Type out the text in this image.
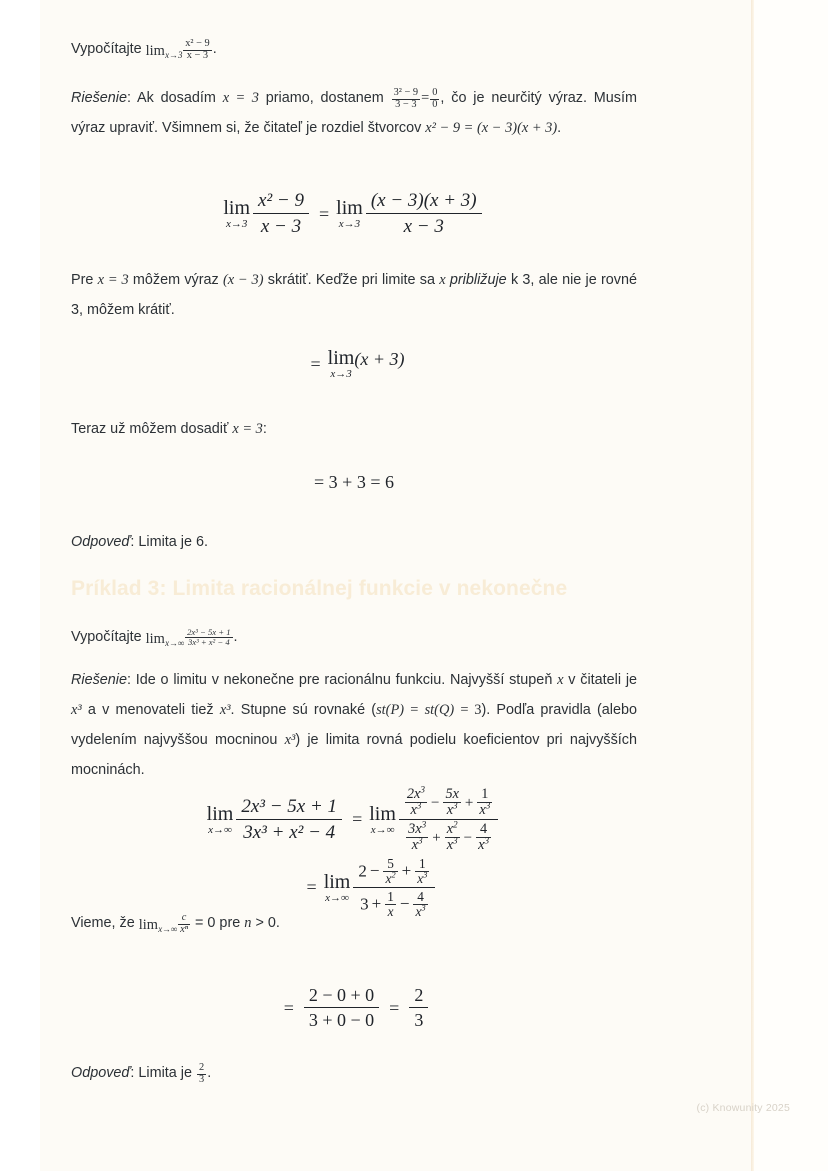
Vypočítajte $\lim x\to 3 \frac{\text{x² − 9}}{x - 3}$ .

Riešenie: Ak dosadím x = 3 priamo, dostanem $\frac{\text{3² − 9}}{3 - 3} = \frac{0}{0}$ , čo je neurčitý výraz. Musím výraz upraviť. Všimnem si, že čitateľ je rozdiel štvorcov x² − 9 = (x − 3)(x + 3).

lim
$x\to 3 \frac{\text{x² − 9}}{x - 3} = \lim$
$x\to 3 \frac{(x - 3)(x + 3)}{x - 3}$

Pre x = 3 môžem výraz (x − 3) skrátiť. Keďže pri limite sa x približuje k 3, ale nie je rovné 3, môžem krátiť.

= lim
x→3
(x + 3)

Teraz už môžem dosadiť x = 3:

= 3 + 3 = 6

Odpoveď: Limita je 6.

Príklad 3: Limita racionálnej funkcie v nekonečne

Vypočítajte $\lim x\to\infty \frac{\text{2x³ − 5x + 1}}{\text{3x³ + x² − 4}}$ .

Riešenie: Ide o limitu v nekonečne pre racionálnu funkciu. Najvyšší stupeň x v čitateli je x³ a v menovateli tiež x³. Stupne sú rovnaké (st(P) = st(Q) = 3). Podľa pravidla (alebo vydelením najvyššou mocninou x³) je limita rovná podielu koeficientov pri najvyšších mocninách.

lim
$x\to\infty \frac{\text{2x³ − 5x + 1}}{\text{3x³ + x² − 4}} = \lim$
$x\to\infty \frac{\frac{2x^3}{x^3} - \frac{5x}{x^3} + \frac{1}{x^3}}{\frac{3x^3}{x^3} + \frac{x^2}{x^3} - \frac{4}{x^3}}$
= lim
$x\to\infty \frac{2 - \frac{5}{x^2} + \frac{1}{x^3}}{3 + \frac{1}{x} - \frac{4}{x^3}}$

Vieme, že $\lim x\to\infty \frac{c}{\text{xⁿ}} = 0$ pre n > 0.

= $\frac{2 - 0 + 0}{3 + 0 - 0} = \frac{2}{3}$

Odpoveď: Limita je $\frac{2}{3}$ .

(c) Knowunity 2025
